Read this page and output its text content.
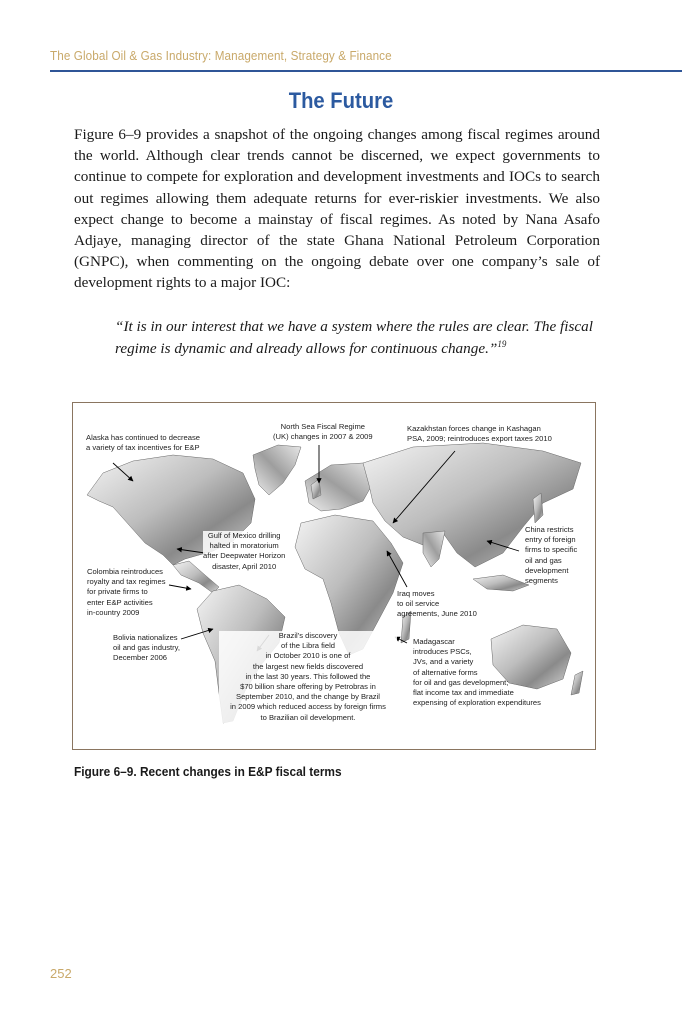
The Global Oil & Gas Industry: Management, Strategy & Finance
The Future

Figure 6–9 provides a snapshot of the ongoing changes among fiscal regimes around the world. Although clear trends cannot be discerned, we expect governments to continue to compete for exploration and development investments and IOCs to search out regimes allowing them adequate returns for ever-riskier investments. We also expect change to become a mainstay of fiscal regimes. As noted by Nana Asafo Adjaye, managing director of the state Ghana National Petroleum Corporation (GNPC), when commenting on the ongoing debate over one company’s sale of development rights to a major IOC:

“It is in our interest that we have a system where the rules are clear. The fiscal regime is dynamic and already allows for continuous change.”$^{19}$

Alaska has continued to decrease
a variety of tax incentives for E&P

North Sea Fiscal Regime
(UK) changes in 2007 & 2009

Kazakhstan forces change in Kashagan
PSA, 2009; reintroduces export taxes 2010

Gulf of Mexico drilling
halted in moratorium
after Deepwater Horizon
disaster, April 2010

China restricts
entry of foreign
firms to specific
oil and gas
development
segments

Colombia reintroduces
royalty and tax regimes
for private firms to
enter E&P activities
in-country 2009

Iraq moves
to oil service
agreements, June 2010

Bolivia nationalizes
oil and gas industry,
December 2006

Brazil’s discovery
of the Libra field
in October 2010 is one of
the largest new fields discovered
in the last 30 years. This followed the
$70 billion share offering by Petrobras in
September 2010, and the change by Brazil
in 2009 which reduced access by foreign firms
to Brazilian oil development.

Madagascar
introduces PSCs,
JVs, and a variety
of alternative forms
for oil and gas development;
flat income tax and immediate
expensing of exploration expenditures

Figure 6–9. Recent changes in E&P fiscal terms
252
